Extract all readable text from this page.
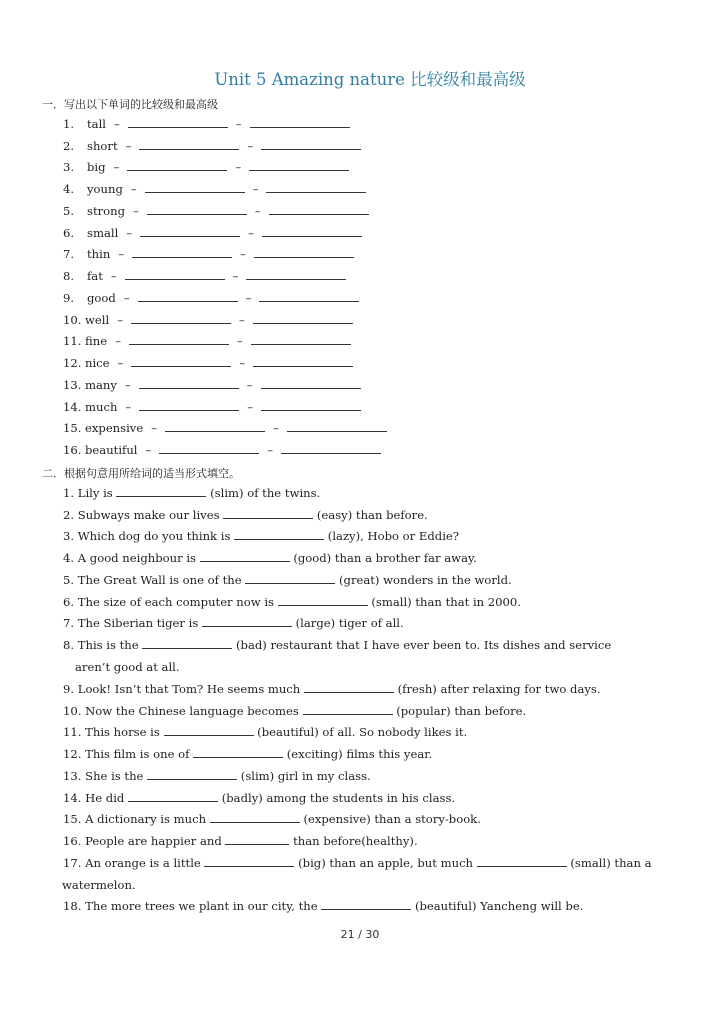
Unit 5 Amazing nature 比较级和最高级
一．写出以下单词的比较级和最高级
1. tall –	–
2. short –	–
3. big –	–
4. young –	–
5. strong –	–
6. small –	–
7. thin –	–
8. fat –	–
9. good –	–
10. well –	–
11. fine –	–
12. nice –	–
13. many –	–
14. much –	–
15. expensive –	–
16. beautiful –	–
二．根据句意用所给词的适当形式填空。
1. Lily is	(slim) of the twins.
2. Subways make our lives	(easy) than before.
3. Which dog do you think is	(lazy), Hobo or Eddie?
4. A good neighbour is	(good) than a brother far away.
5. The Great Wall is one of the	(great) wonders in the world.
6. The size of each computer now is	(small) than that in 2000.
7. The Siberian tiger is	(large) tiger of all.
8. This is the	(bad) restaurant that I have ever been to. Its dishes and service
aren’t good at all.
9. Look! Isn’t that Tom? He seems much	(fresh) after relaxing for two days.
10. Now the Chinese language becomes	(popular) than before.
11. This horse is	(beautiful) of all. So nobody likes it.
12. This film is one of	(exciting) films this year.
13. She is the	(slim) girl in my class.
14. He did	(badly) among the students in his class.
15. A dictionary is much	(expensive) than a story-book.
16. People are happier and	than before(healthy).
17. An orange is a little	(big) than an apple, but much	(small) than a
watermelon.
18. The more trees we plant in our city, the	(beautiful) Yancheng will be.
21 / 30
